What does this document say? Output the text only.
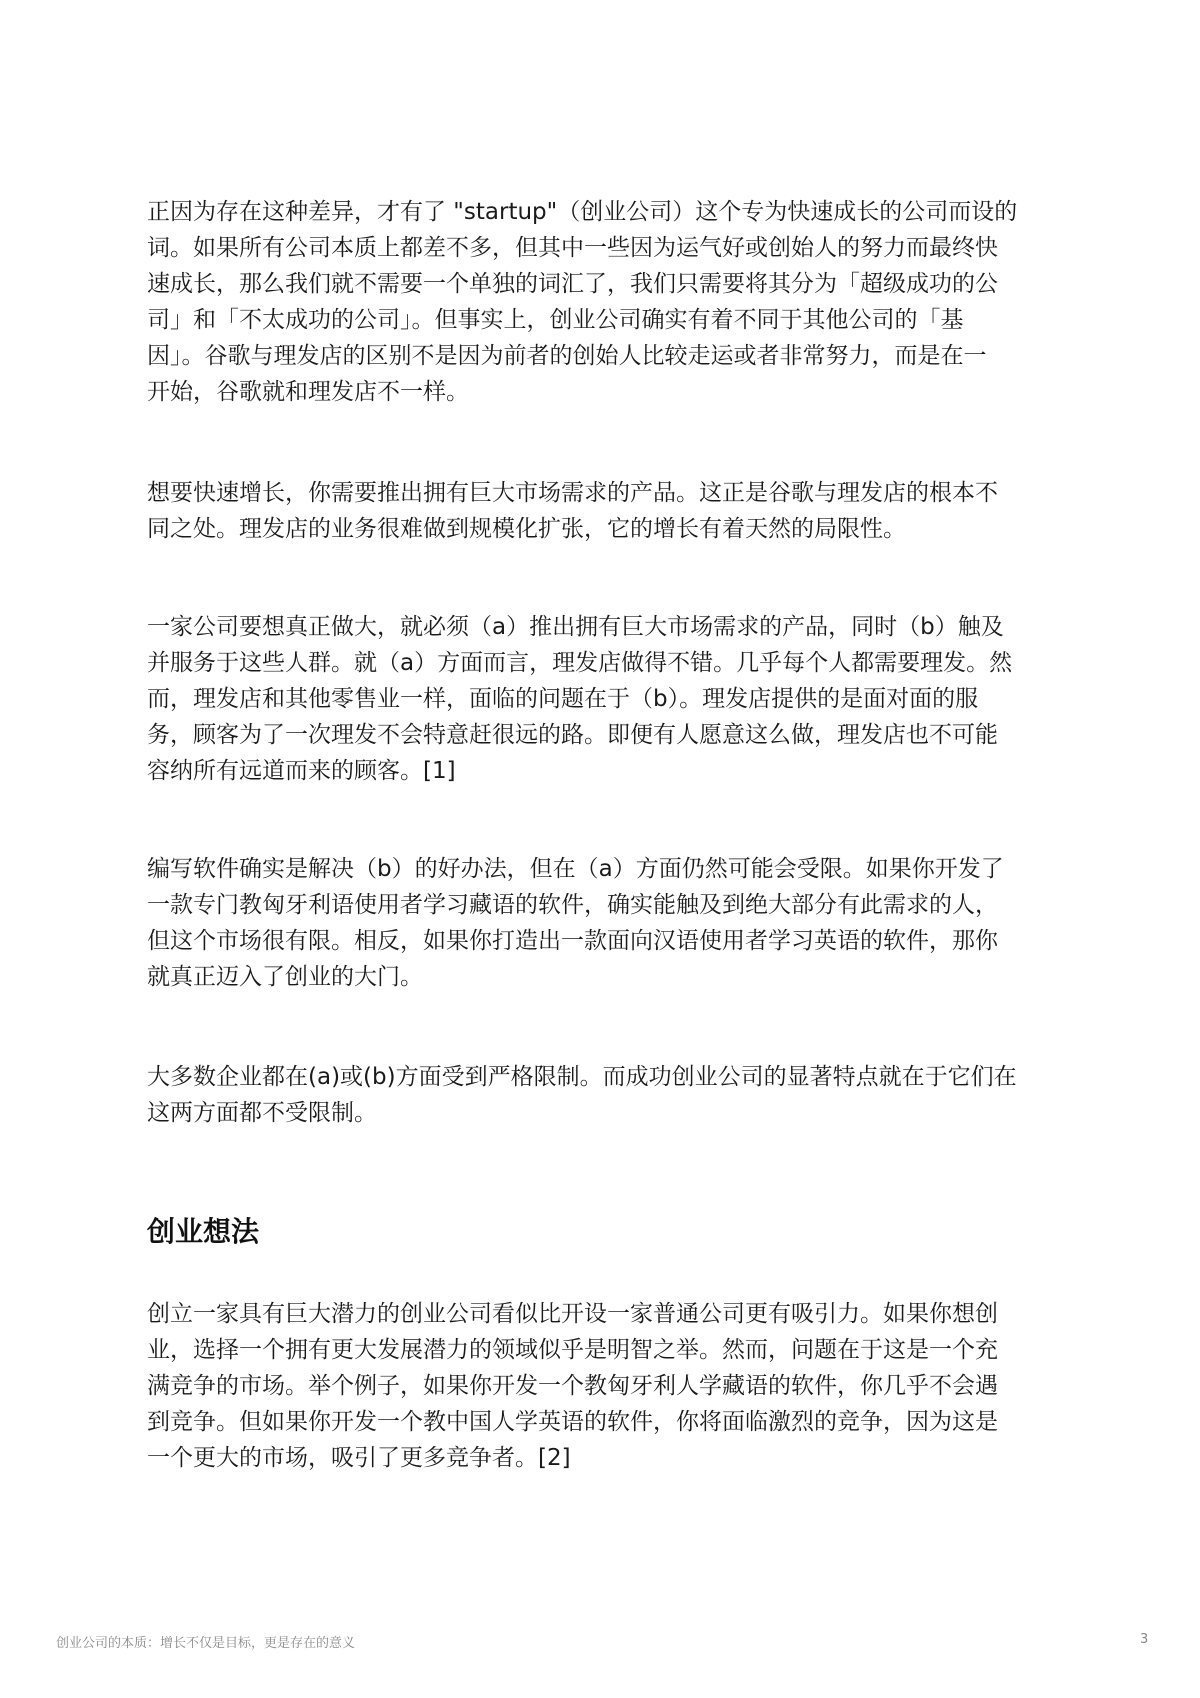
正因为存在这种差异，才有了 "startup"（创业公司）这个专为快速成长的公司而设的
词。如果所有公司本质上都差不多，但其中一些因为运气好或创始人的努力而最终快
速成长，那么我们就不需要一个单独的词汇了，我们只需要将其分为「超级成功的公
司」和「不太成功的公司」。但事实上，创业公司确实有着不同于其他公司的「基
因」。谷歌与理发店的区别不是因为前者的创始人比较走运或者非常努力，而是在一
开始，谷歌就和理发店不一样。
想要快速增长，你需要推出拥有巨大市场需求的产品。这正是谷歌与理发店的根本不
同之处。理发店的业务很难做到规模化扩张，它的增长有着天然的局限性。
一家公司要想真正做大，就必须（a）推出拥有巨大市场需求的产品，同时（b）触及
并服务于这些人群。就（a）方面而言，理发店做得不错。几乎每个人都需要理发。然
而，理发店和其他零售业一样，面临的问题在于（b）。理发店提供的是面对面的服
务，顾客为了一次理发不会特意赶很远的路。即便有人愿意这么做，理发店也不可能
容纳所有远道而来的顾客。[1]
编写软件确实是解决（b）的好办法，但在（a）方面仍然可能会受限。如果你开发了
一款专门教匈牙利语使用者学习藏语的软件，确实能触及到绝大部分有此需求的人，
但这个市场很有限。相反，如果你打造出一款面向汉语使用者学习英语的软件，那你
就真正迈入了创业的大门。
大多数企业都在(a)或(b)方面受到严格限制。而成功创业公司的显著特点就在于它们在
这两方面都不受限制。
创业想法
创立一家具有巨大潜力的创业公司看似比开设一家普通公司更有吸引力。如果你想创
业，选择一个拥有更大发展潜力的领域似乎是明智之举。然而，问题在于这是一个充
满竞争的市场。举个例子，如果你开发一个教匈牙利人学藏语的软件，你几乎不会遇
到竞争。但如果你开发一个教中国人学英语的软件，你将面临激烈的竞争，因为这是
一个更大的市场，吸引了更多竞争者。[2]
创业公司的本质：增长不仅是目标，更是存在的意义	3
